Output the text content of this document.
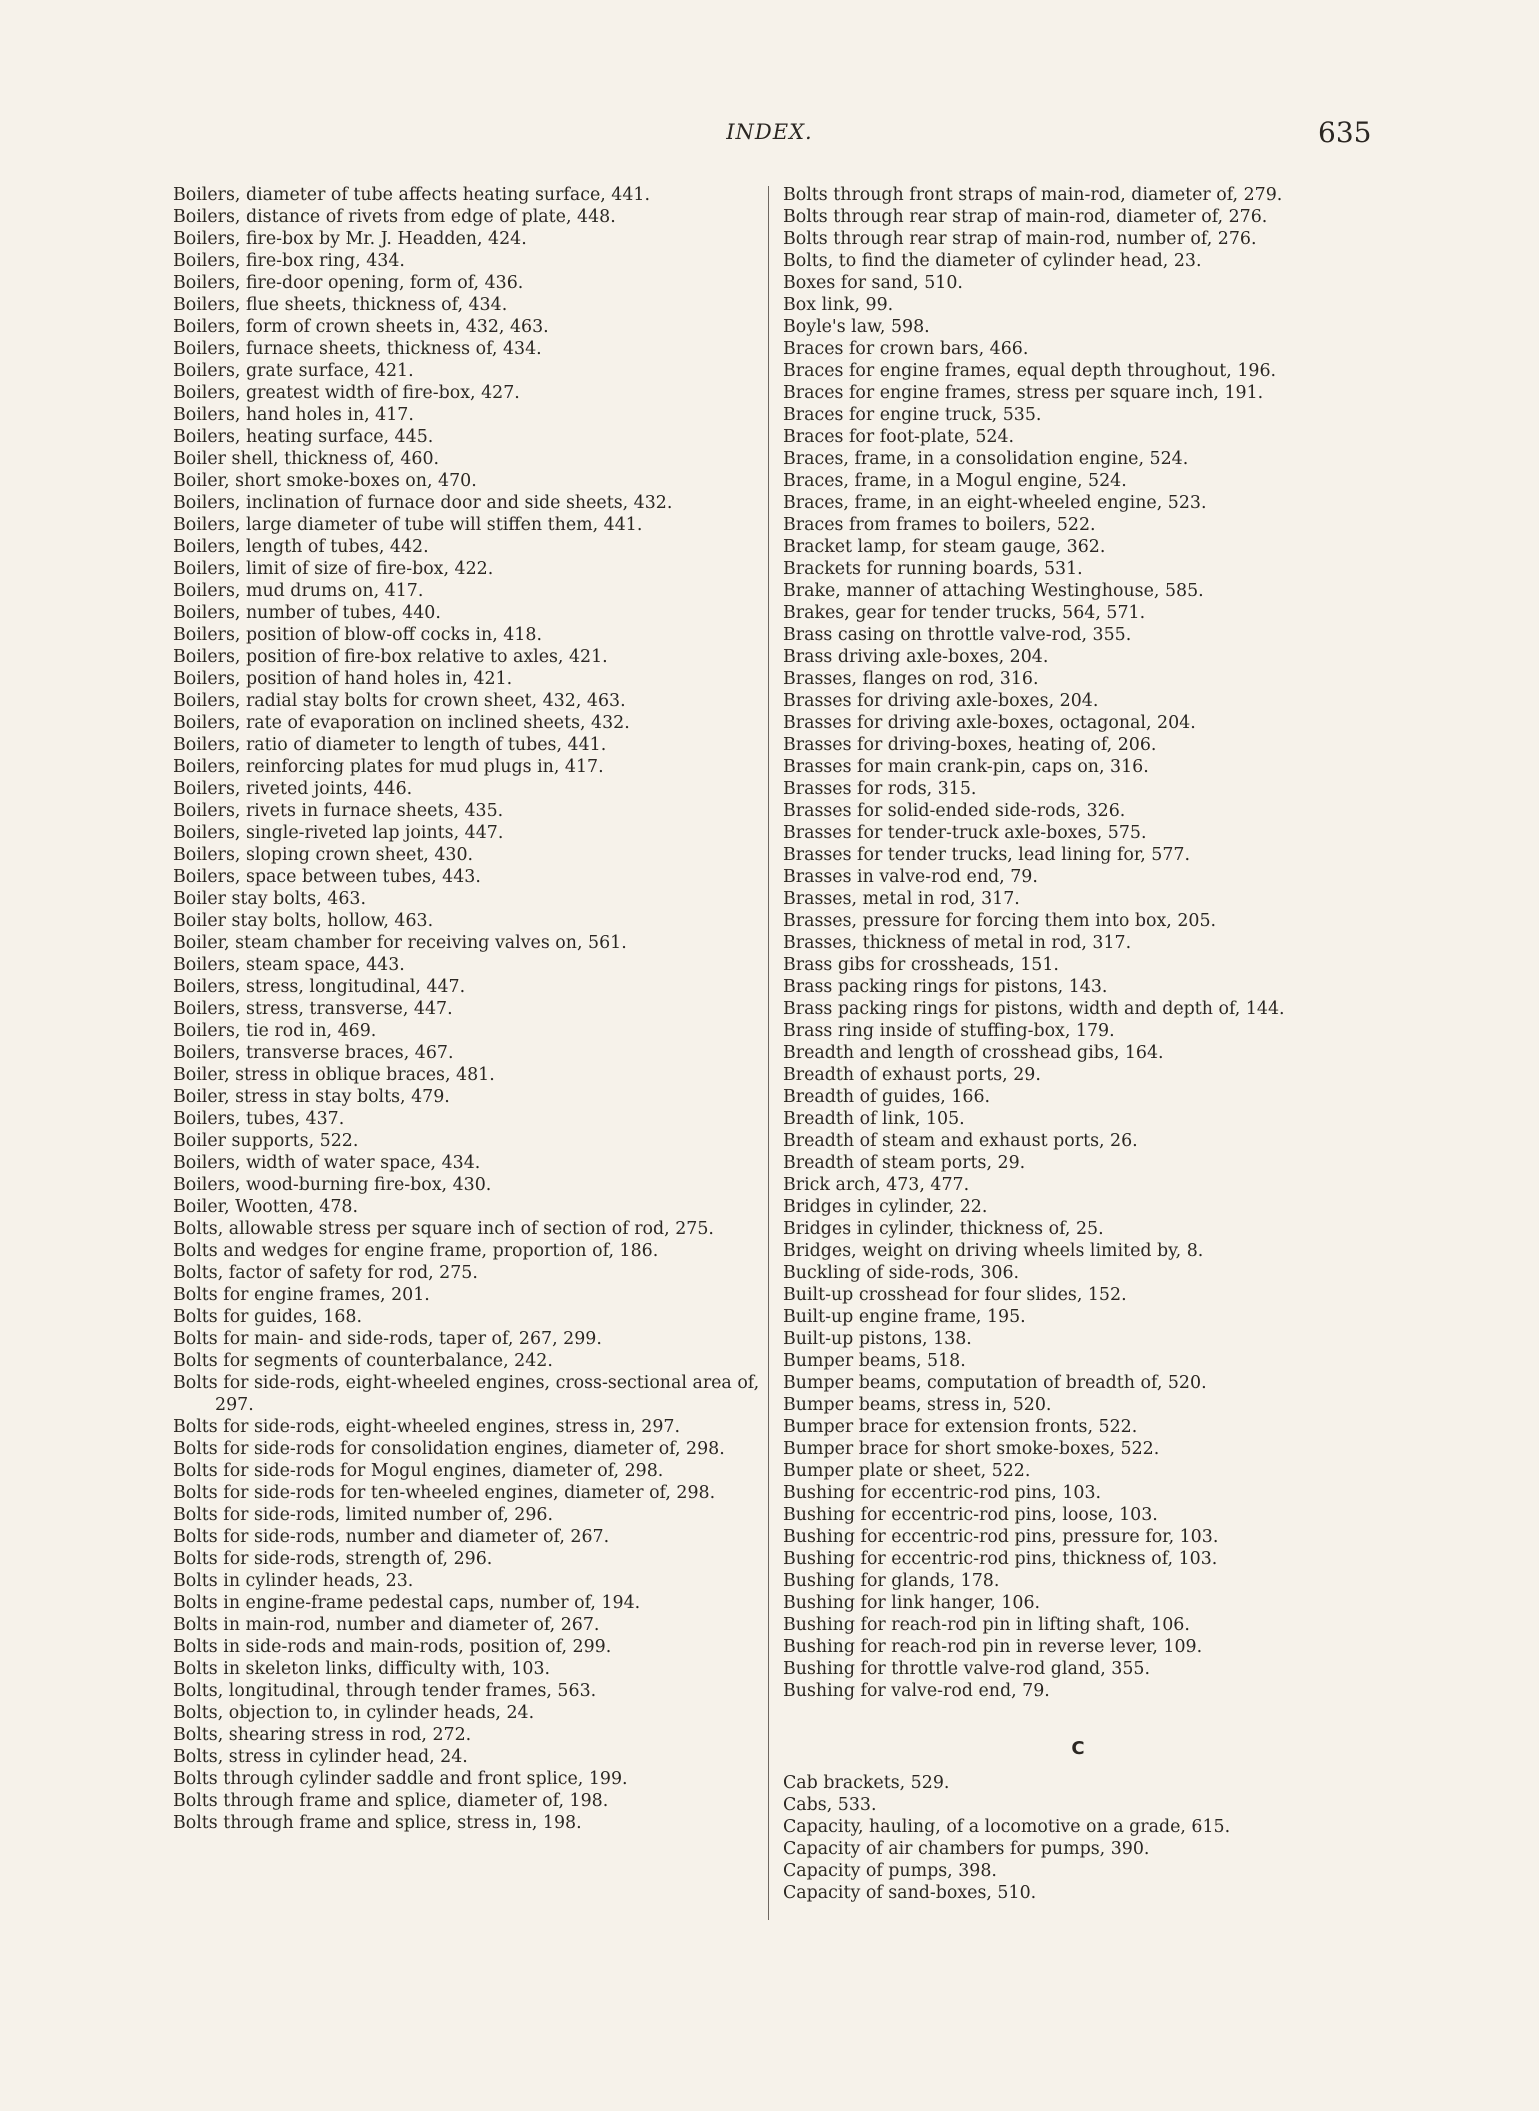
INDEX.	635
Boilers, diameter of tube affects heating surface, 441.
Boilers, distance of rivets from edge of plate, 448.
Boilers, fire-box by Mr. J. Headden, 424.
Boilers, fire-box ring, 434.
Boilers, fire-door opening, form of, 436.
Boilers, flue sheets, thickness of, 434.
Boilers, form of crown sheets in, 432, 463.
Boilers, furnace sheets, thickness of, 434.
Boilers, grate surface, 421.
Boilers, greatest width of fire-box, 427.
Boilers, hand holes in, 417.
Boilers, heating surface, 445.
Boiler shell, thickness of, 460.
Boiler, short smoke-boxes on, 470.
Boilers, inclination of furnace door and side sheets, 432.
Boilers, large diameter of tube will stiffen them, 441.
Boilers, length of tubes, 442.
Boilers, limit of size of fire-box, 422.
Boilers, mud drums on, 417.
Boilers, number of tubes, 440.
Boilers, position of blow-off cocks in, 418.
Boilers, position of fire-box relative to axles, 421.
Boilers, position of hand holes in, 421.
Boilers, radial stay bolts for crown sheet, 432, 463.
Boilers, rate of evaporation on inclined sheets, 432.
Boilers, ratio of diameter to length of tubes, 441.
Boilers, reinforcing plates for mud plugs in, 417.
Boilers, riveted joints, 446.
Boilers, rivets in furnace sheets, 435.
Boilers, single-riveted lap joints, 447.
Boilers, sloping crown sheet, 430.
Boilers, space between tubes, 443.
Boiler stay bolts, 463.
Boiler stay bolts, hollow, 463.
Boiler, steam chamber for receiving valves on, 561.
Boilers, steam space, 443.
Boilers, stress, longitudinal, 447.
Boilers, stress, transverse, 447.
Boilers, tie rod in, 469.
Boilers, transverse braces, 467.
Boiler, stress in oblique braces, 481.
Boiler, stress in stay bolts, 479.
Boilers, tubes, 437.
Boiler supports, 522.
Boilers, width of water space, 434.
Boilers, wood-burning fire-box, 430.
Boiler, Wootten, 478.
Bolts, allowable stress per square inch of section of rod, 275.
Bolts and wedges for engine frame, proportion of, 186.
Bolts, factor of safety for rod, 275.
Bolts for engine frames, 201.
Bolts for guides, 168.
Bolts for main- and side-rods, taper of, 267, 299.
Bolts for segments of counterbalance, 242.
Bolts for side-rods, eight-wheeled engines, cross-sectional area of, 297.
Bolts for side-rods, eight-wheeled engines, stress in, 297.
Bolts for side-rods for consolidation engines, diameter of, 298.
Bolts for side-rods for Mogul engines, diameter of, 298.
Bolts for side-rods for ten-wheeled engines, diameter of, 298.
Bolts for side-rods, limited number of, 296.
Bolts for side-rods, number and diameter of, 267.
Bolts for side-rods, strength of, 296.
Bolts in cylinder heads, 23.
Bolts in engine-frame pedestal caps, number of, 194.
Bolts in main-rod, number and diameter of, 267.
Bolts in side-rods and main-rods, position of, 299.
Bolts in skeleton links, difficulty with, 103.
Bolts, longitudinal, through tender frames, 563.
Bolts, objection to, in cylinder heads, 24.
Bolts, shearing stress in rod, 272.
Bolts, stress in cylinder head, 24.
Bolts through cylinder saddle and front splice, 199.
Bolts through frame and splice, diameter of, 198.
Bolts through frame and splice, stress in, 198.
Bolts through front straps of main-rod, diameter of, 279.
Bolts through rear strap of main-rod, diameter of, 276.
Bolts through rear strap of main-rod, number of, 276.
Bolts, to find the diameter of cylinder head, 23.
Boxes for sand, 510.
Box link, 99.
Boyle's law, 598.
Braces for crown bars, 466.
Braces for engine frames, equal depth throughout, 196.
Braces for engine frames, stress per square inch, 191.
Braces for engine truck, 535.
Braces for foot-plate, 524.
Braces, frame, in a consolidation engine, 524.
Braces, frame, in a Mogul engine, 524.
Braces, frame, in an eight-wheeled engine, 523.
Braces from frames to boilers, 522.
Bracket lamp, for steam gauge, 362.
Brackets for running boards, 531.
Brake, manner of attaching Westinghouse, 585.
Brakes, gear for tender trucks, 564, 571.
Brass casing on throttle valve-rod, 355.
Brass driving axle-boxes, 204.
Brasses, flanges on rod, 316.
Brasses for driving axle-boxes, 204.
Brasses for driving axle-boxes, octagonal, 204.
Brasses for driving-boxes, heating of, 206.
Brasses for main crank-pin, caps on, 316.
Brasses for rods, 315.
Brasses for solid-ended side-rods, 326.
Brasses for tender-truck axle-boxes, 575.
Brasses for tender trucks, lead lining for, 577.
Brasses in valve-rod end, 79.
Brasses, metal in rod, 317.
Brasses, pressure for forcing them into box, 205.
Brasses, thickness of metal in rod, 317.
Brass gibs for crossheads, 151.
Brass packing rings for pistons, 143.
Brass packing rings for pistons, width and depth of, 144.
Brass ring inside of stuffing-box, 179.
Breadth and length of crosshead gibs, 164.
Breadth of exhaust ports, 29.
Breadth of guides, 166.
Breadth of link, 105.
Breadth of steam and exhaust ports, 26.
Breadth of steam ports, 29.
Brick arch, 473, 477.
Bridges in cylinder, 22.
Bridges in cylinder, thickness of, 25.
Bridges, weight on driving wheels limited by, 8.
Buckling of side-rods, 306.
Built-up crosshead for four slides, 152.
Built-up engine frame, 195.
Built-up pistons, 138.
Bumper beams, 518.
Bumper beams, computation of breadth of, 520.
Bumper beams, stress in, 520.
Bumper brace for extension fronts, 522.
Bumper brace for short smoke-boxes, 522.
Bumper plate or sheet, 522.
Bushing for eccentric-rod pins, 103.
Bushing for eccentric-rod pins, loose, 103.
Bushing for eccentric-rod pins, pressure for, 103.
Bushing for eccentric-rod pins, thickness of, 103.
Bushing for glands, 178.
Bushing for link hanger, 106.
Bushing for reach-rod pin in lifting shaft, 106.
Bushing for reach-rod pin in reverse lever, 109.
Bushing for throttle valve-rod gland, 355.
Bushing for valve-rod end, 79.
C
Cab brackets, 529.
Cabs, 533.
Capacity, hauling, of a locomotive on a grade, 615.
Capacity of air chambers for pumps, 390.
Capacity of pumps, 398.
Capacity of sand-boxes, 510.
